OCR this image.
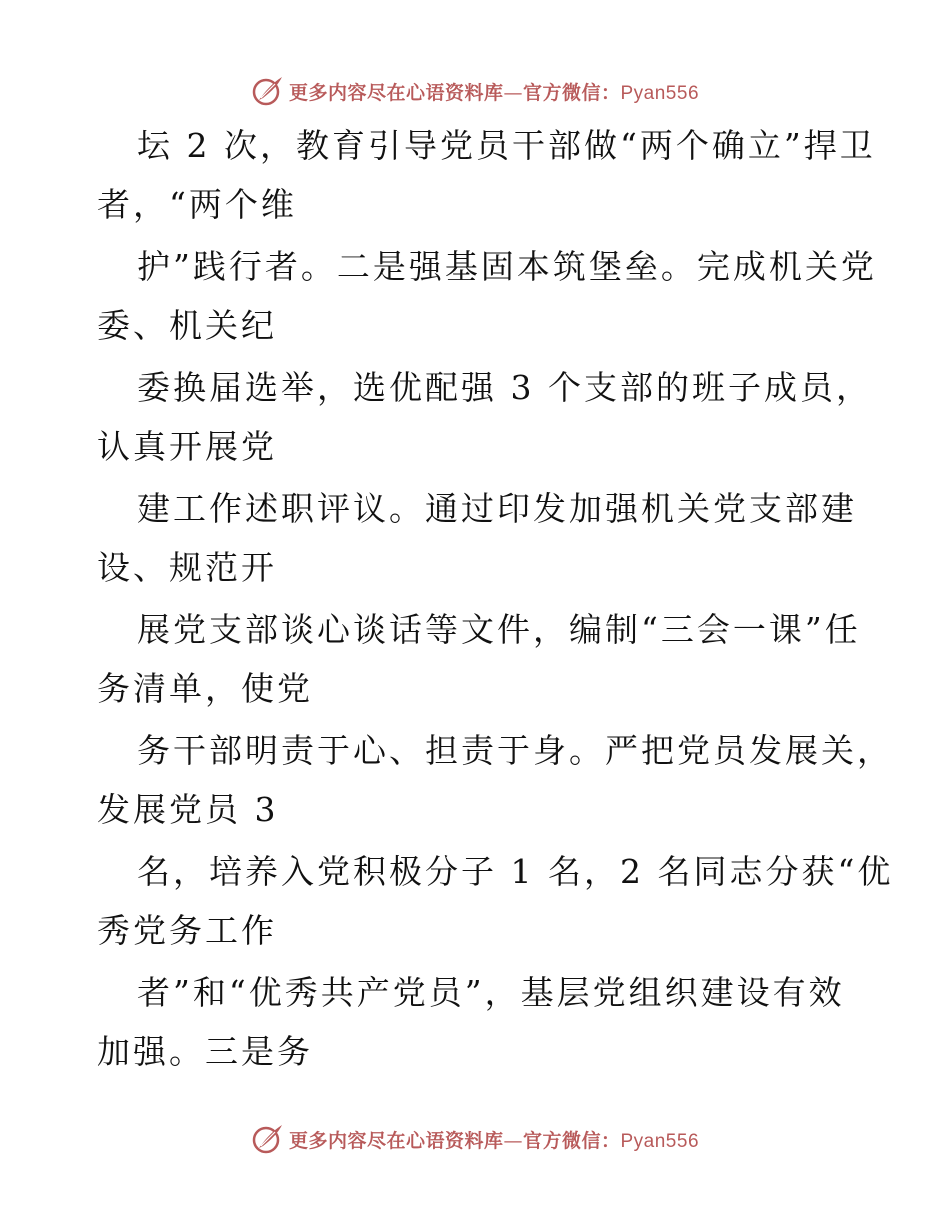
更多内容尽在心语资料库—官方微信：Pyan556
坛 2 次，教育引导党员干部做“两个确立”捍卫
者，“两个维
护”践行者。二是强基固本筑堡垒。完成机关党
委、机关纪
委换届选举，选优配强 3 个支部的班子成员，
认真开展党
建工作述职评议。通过印发加强机关党支部建
设、规范开
展党支部谈心谈话等文件，编制“三会一课”任
务清单，使党
务干部明责于心、担责于身。严把党员发展关，
发展党员 3
名，培养入党积极分子 1 名，2 名同志分获“优
秀党务工作
者”和“优秀共产党员”，基层党组织建设有效
加强。三是务
更多内容尽在心语资料库—官方微信：Pyan556
